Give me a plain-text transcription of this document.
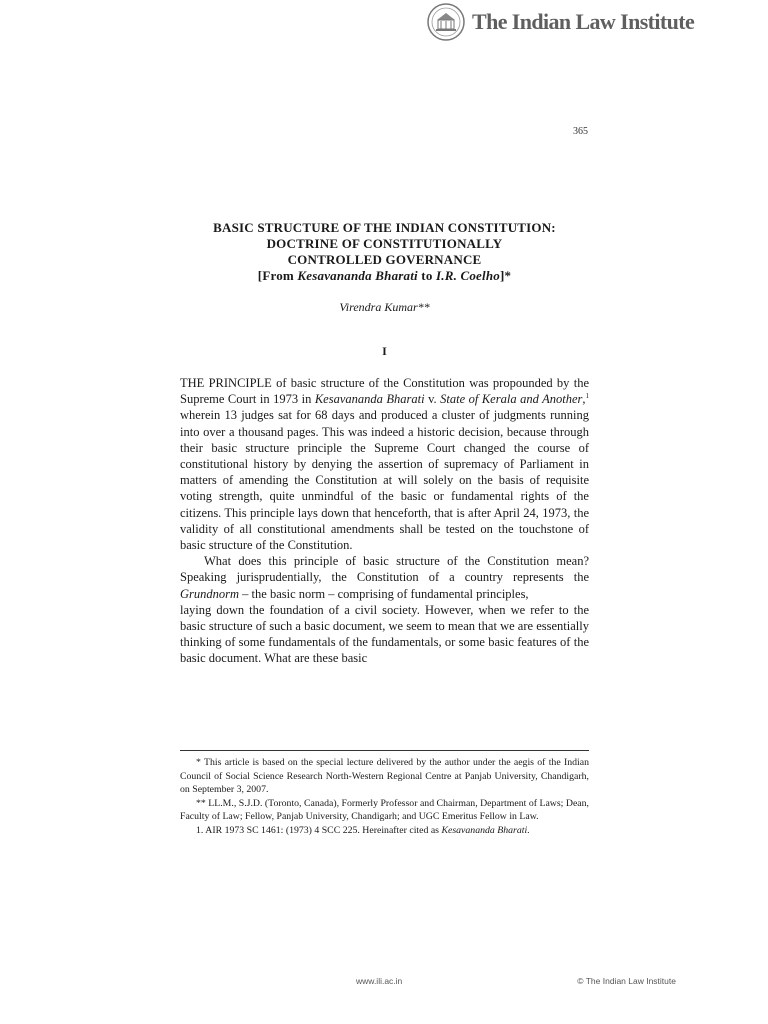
The Indian Law Institute
365
BASIC STRUCTURE OF THE INDIAN CONSTITUTION:
DOCTRINE OF CONSTITUTIONALLY
CONTROLLED GOVERNANCE
[From Kesavananda Bharati to I.R. Coelho]*
Virendra Kumar**
I

THE PRINCIPLE of basic structure of the Constitution was propounded by the Supreme Court in 1973 in Kesavananda Bharati v. State of Kerala and Another,$^1$ wherein 13 judges sat for 68 days and produced a cluster of judgments running into over a thousand pages. This was indeed a historic decision, because through their basic structure principle the Supreme Court changed the course of constitutional history by denying the assertion of supremacy of Parliament in matters of amending the Constitution at will solely on the basis of requisite voting strength, quite unmindful of the basic or fundamental rights of the citizens. This principle lays down that henceforth, that is after April 24, 1973, the validity of all constitutional amendments shall be tested on the touchstone of basic structure of the Constitution.

What does this principle of basic structure of the Constitution mean? Speaking jurisprudentially, the Constitution of a country represents the Grundnorm – the basic norm – comprising of fundamental principles,

laying down the foundation of a civil society. However, when we refer to the basic structure of such a basic document, we seem to mean that we are essentially thinking of some fundamentals of the fundamentals, or some basic features of the basic document. What are these basic

* This article is based on the special lecture delivered by the author under the aegis of the Indian Council of Social Science Research North-Western Regional Centre at Panjab University, Chandigarh, on September 3, 2007.

** LL.M., S.J.D. (Toronto, Canada), Formerly Professor and Chairman, Department of Laws; Dean, Faculty of Law; Fellow, Panjab University, Chandigarh; and UGC Emeritus Fellow in Law.

1. AIR 1973 SC 1461: (1973) 4 SCC 225. Hereinafter cited as Kesavananda Bharati.

www.ili.ac.in	© The Indian Law Institute
